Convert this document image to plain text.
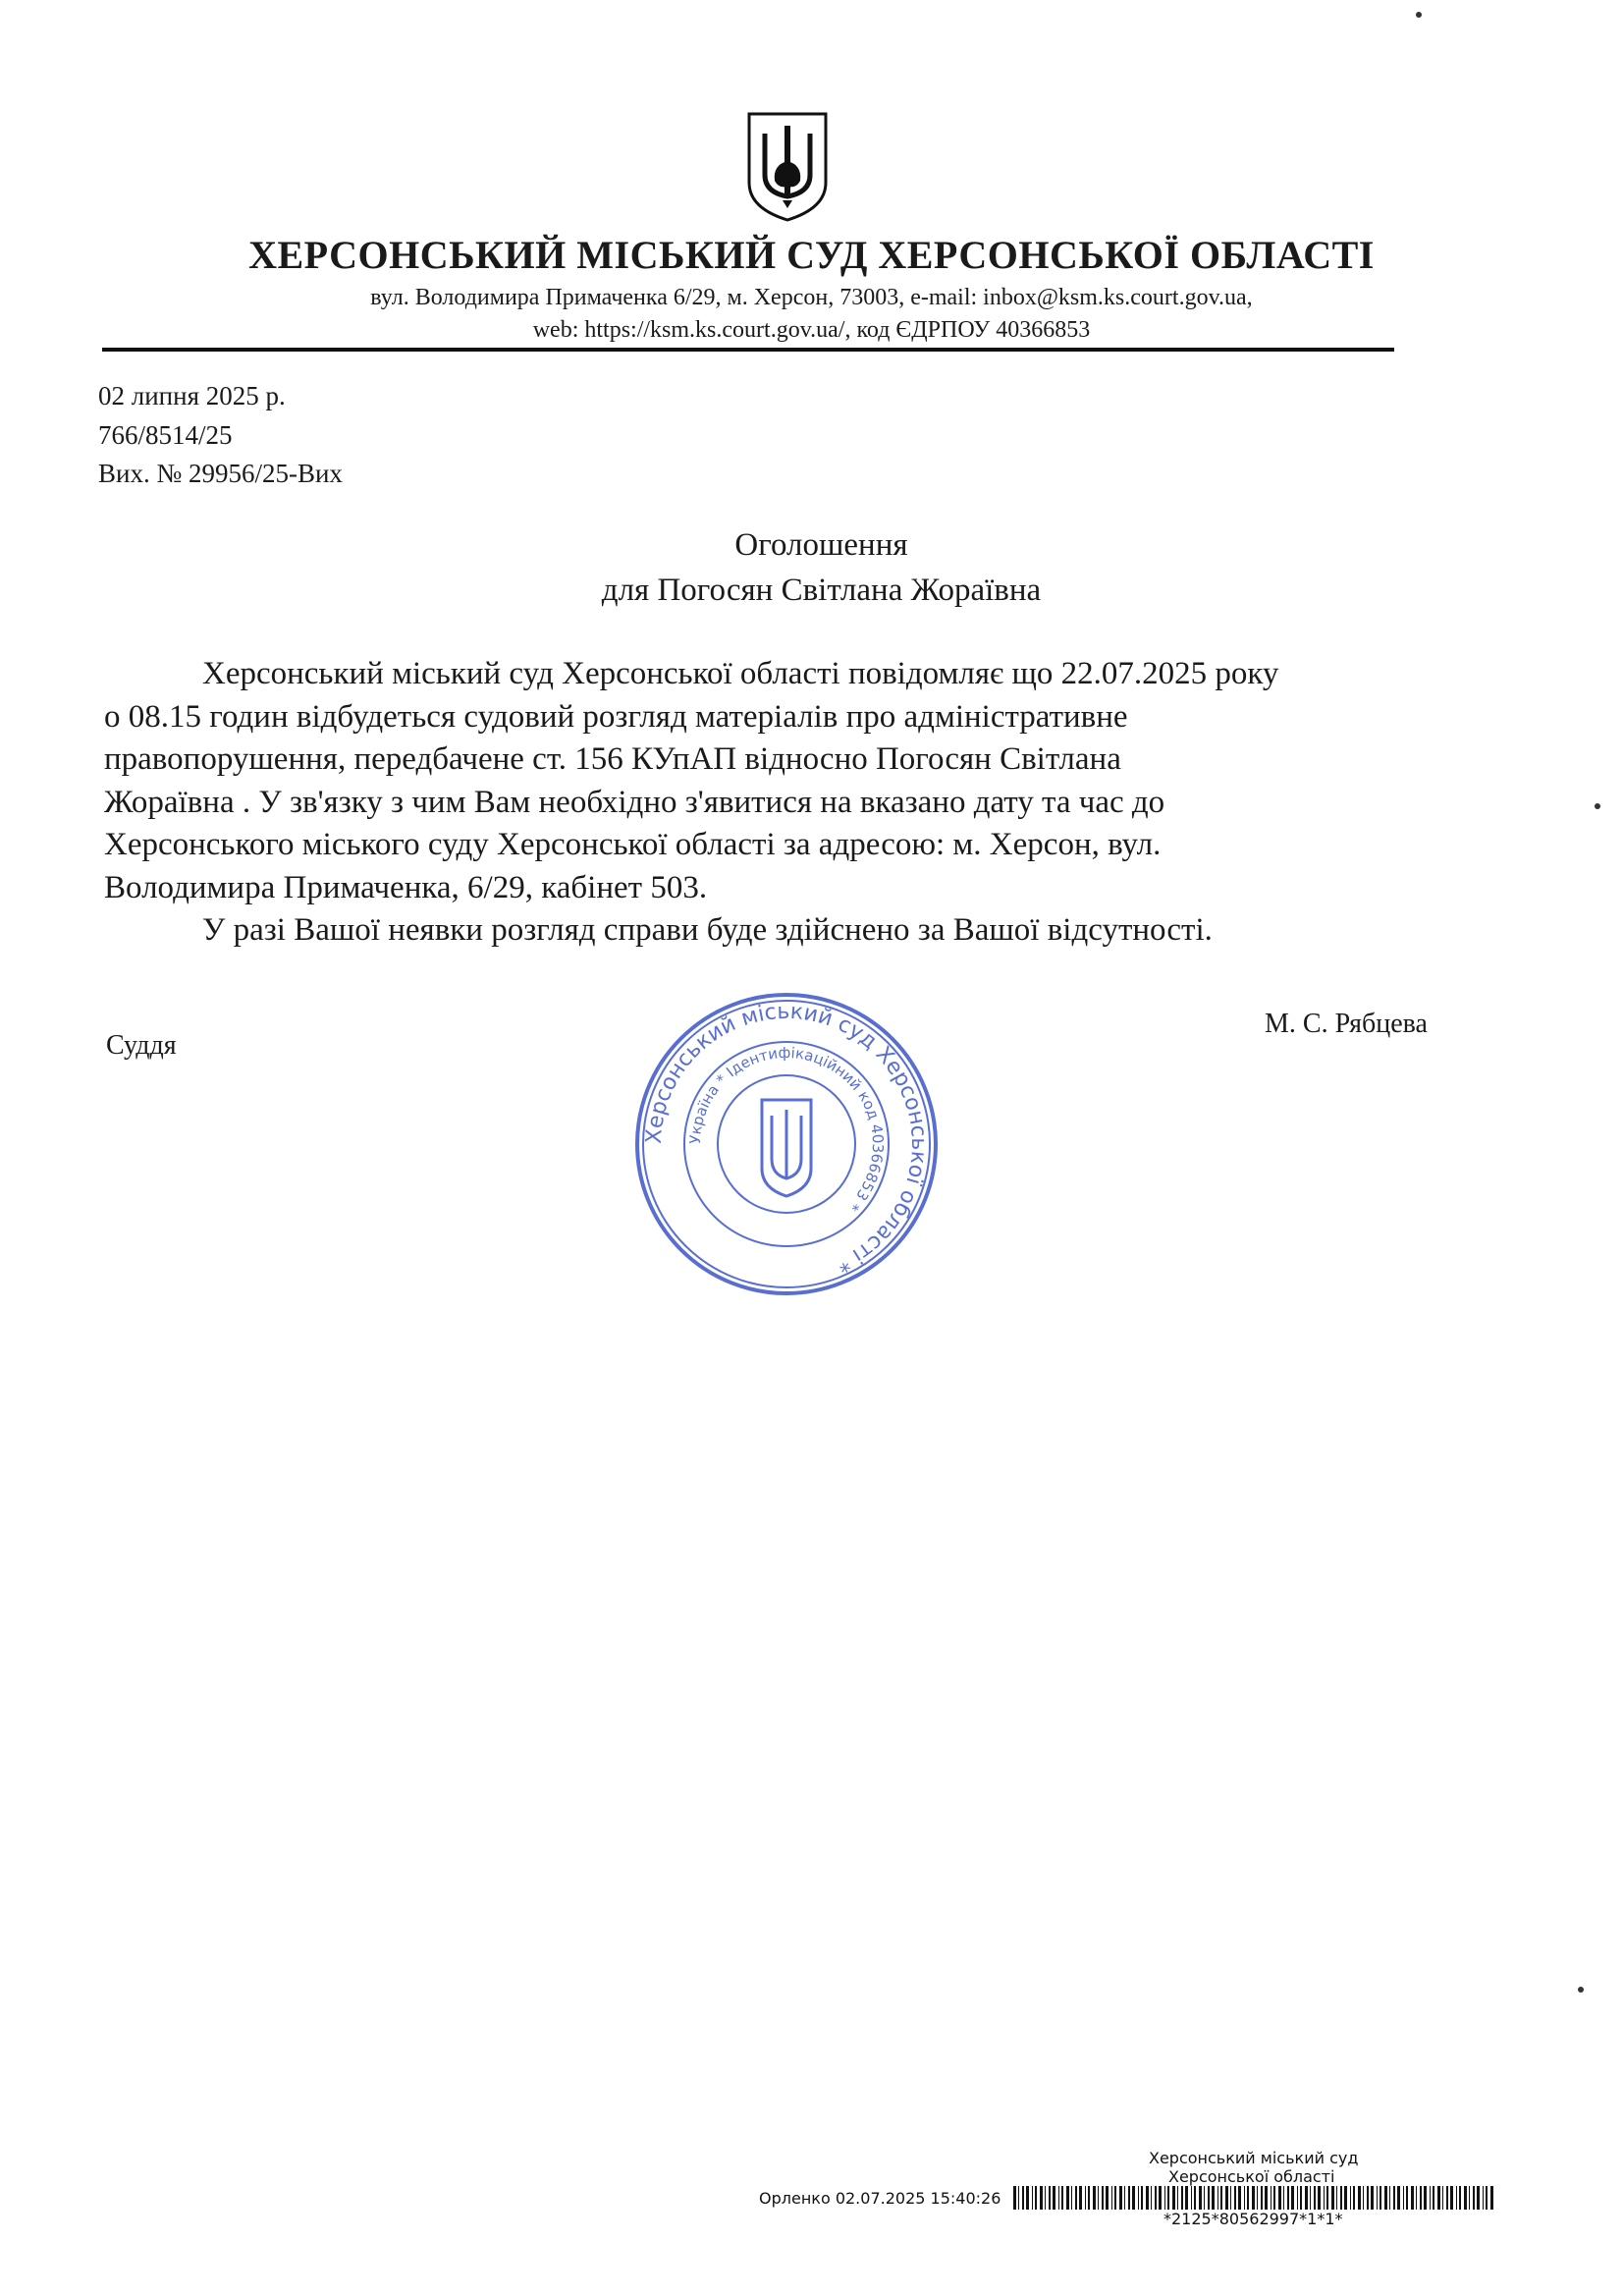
ХЕРСОНСЬКИЙ МІСЬКИЙ СУД ХЕРСОНСЬКОЇ ОБЛАСТІ
вул. Володимира Примаченка 6/29, м. Херсон, 73003, e-mail: inbox@ksm.ks.court.gov.ua,
web: https://ksm.ks.court.gov.ua/, код ЄДРПОУ 40366853
02 липня 2025 р.
766/8514/25
Вих. № 29956/25-Вих
Оголошення
для Погосян Світлана Жораївна
Херсонський міський суд Херсонської області повідомляє що 22.07.2025 року
о 08.15 годин відбудеться судовий розгляд матеріалів про адміністративне
правопорушення, передбачене ст. 156 КУпАП відносно Погосян Світлана
Жораївна . У зв'язку з чим Вам необхідно з'явитися на вказано дату та час до
Херсонського міського суду Херсонської області за адресою: м. Херсон, вул.
Володимира Примаченка, 6/29, кабінет 503.
У разі Вашої неявки розгляд справи буде здійснено за Вашої відсутності.
Суддя
М. С. Рябцева
Херсонський міський суд Херсонської області *
Україна * Ідентифікаційний код 40366853 *
Херсонський міський суд
Херсонської області
Орленко 02.07.2025 15:40:26
*2125*80562997*1*1*
